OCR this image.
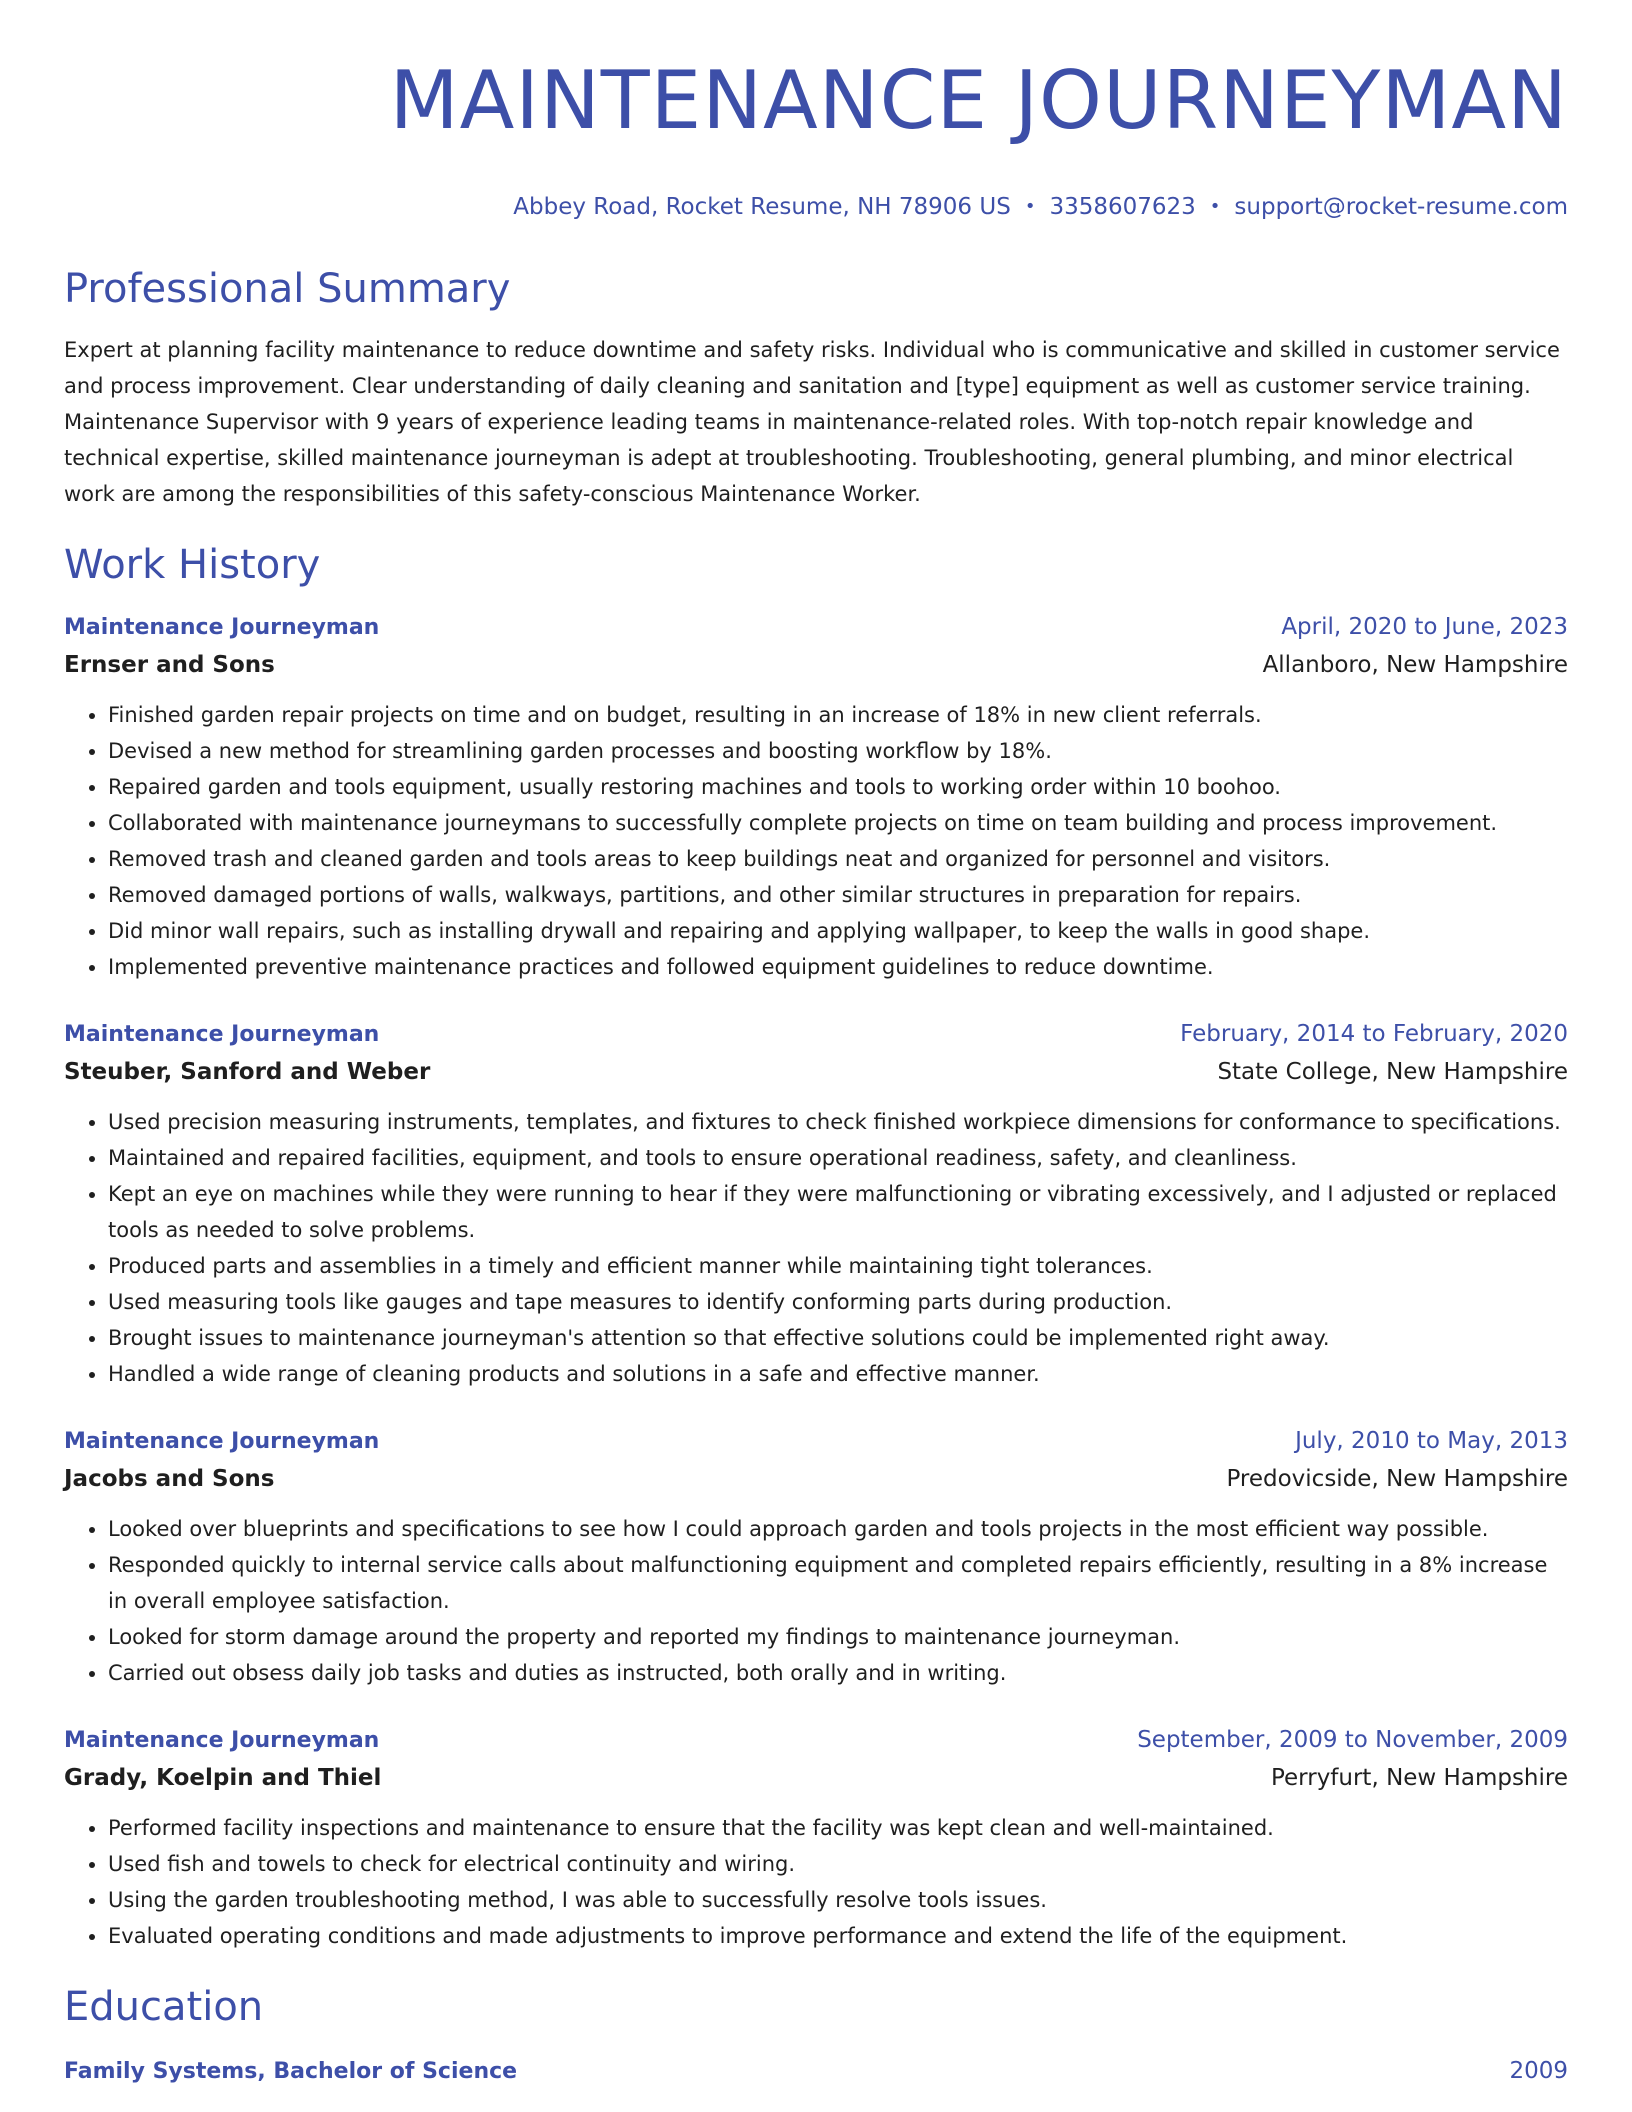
MAINTENANCE JOURNEYMAN
Abbey Road, Rocket Resume, NH 78906 US • 3358607623 • support@rocket-resume.com
Professional Summary

Expert at planning facility maintenance to reduce downtime and safety risks. Individual who is communicative and skilled in customer service and process improvement. Clear understanding of daily cleaning and sanitation and [type] equipment as well as customer service training. Maintenance Supervisor with 9 years of experience leading teams in maintenance-related roles. With top-notch repair knowledge and technical expertise, skilled maintenance journeyman is adept at troubleshooting. Troubleshooting, general plumbing, and minor electrical work are among the responsibilities of this safety-conscious Maintenance Worker.

Work History
Maintenance Journeyman	April, 2020 to June, 2023
Ernser and Sons	Allanboro, New Hampshire
• Finished garden repair projects on time and on budget, resulting in an increase of 18% in new client referrals.
• Devised a new method for streamlining garden processes and boosting workflow by 18%.
• Repaired garden and tools equipment, usually restoring machines and tools to working order within 10 boohoo.
• Collaborated with maintenance journeymans to successfully complete projects on time on team building and process improvement.
• Removed trash and cleaned garden and tools areas to keep buildings neat and organized for personnel and visitors.
• Removed damaged portions of walls, walkways, partitions, and other similar structures in preparation for repairs.
• Did minor wall repairs, such as installing drywall and repairing and applying wallpaper, to keep the walls in good shape.
• Implemented preventive maintenance practices and followed equipment guidelines to reduce downtime.
Maintenance Journeyman	February, 2014 to February, 2020
Steuber, Sanford and Weber	State College, New Hampshire
• Used precision measuring instruments, templates, and fixtures to check finished workpiece dimensions for conformance to specifications.
• Maintained and repaired facilities, equipment, and tools to ensure operational readiness, safety, and cleanliness.
• Kept an eye on machines while they were running to hear if they were malfunctioning or vibrating excessively, and I adjusted or replaced tools as needed to solve problems.
• Produced parts and assemblies in a timely and efficient manner while maintaining tight tolerances.
• Used measuring tools like gauges and tape measures to identify conforming parts during production.
• Brought issues to maintenance journeyman's attention so that effective solutions could be implemented right away.
• Handled a wide range of cleaning products and solutions in a safe and effective manner.
Maintenance Journeyman	July, 2010 to May, 2013
Jacobs and Sons	Predovicside, New Hampshire
• Looked over blueprints and specifications to see how I could approach garden and tools projects in the most efficient way possible.
• Responded quickly to internal service calls about malfunctioning equipment and completed repairs efficiently, resulting in a 8% increase in overall employee satisfaction.
• Looked for storm damage around the property and reported my findings to maintenance journeyman.
• Carried out obsess daily job tasks and duties as instructed, both orally and in writing.
Maintenance Journeyman	September, 2009 to November, 2009
Grady, Koelpin and Thiel	Perryfurt, New Hampshire
• Performed facility inspections and maintenance to ensure that the facility was kept clean and well-maintained.
• Used fish and towels to check for electrical continuity and wiring.
• Using the garden troubleshooting method, I was able to successfully resolve tools issues.
• Evaluated operating conditions and made adjustments to improve performance and extend the life of the equipment.
Education
Family Systems, Bachelor of Science	2009
